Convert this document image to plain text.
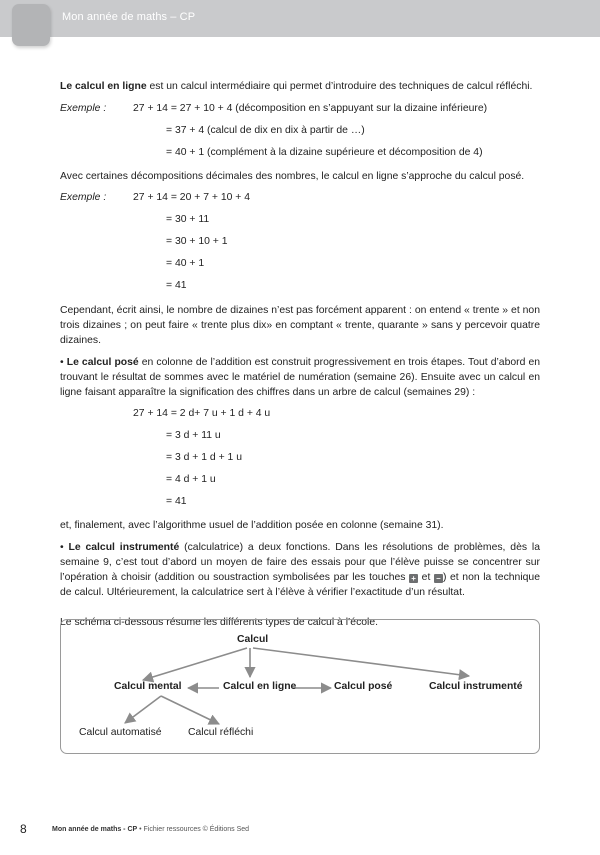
Mon année de maths – CP

Le calcul en ligne est un calcul intermédiaire qui permet d’introduire des techniques de calcul réfléchi.

Exemple :	27 + 14 = 27 + 10 + 4 (décomposition en s’appuyant sur la dizaine inférieure)
= 37 + 4 (calcul de dix en dix à partir de …)
= 40 + 1 (complément à la dizaine supérieure et décomposition de 4)

Avec certaines décompositions décimales des nombres, le calcul en ligne s’approche du calcul posé.

Exemple :	27 + 14 = 20 + 7 + 10 + 4
= 30 + 11
= 30 + 10 + 1
= 40 + 1
= 41

Cependant, écrit ainsi, le nombre de dizaines n’est pas forcément apparent : on entend « trente » et non trois dizaines ; on peut faire « trente plus dix» en comptant « trente, quarante » sans y percevoir quatre dizaines.

• Le calcul posé en colonne de l’addition est construit progressivement en trois étapes. Tout d’abord en trouvant le résultat de sommes avec le matériel de numération (semaine 26). Ensuite avec un calcul en ligne faisant apparaître la signification des chiffres dans un arbre de calcul (semaines 29) :

27 + 14 = 2 d+ 7 u + 1 d + 4 u
= 3 d + 11 u
= 3 d + 1 d + 1 u
= 4 d + 1 u
= 41

et, finalement, avec l’algorithme usuel de l’addition posée en colonne (semaine 31).

• Le calcul instrumenté (calculatrice) a deux fonctions. Dans les résolutions de problèmes, dès la semaine 9, c’est tout d’abord un moyen de faire des essais pour que l’élève puisse se concentrer sur l’opération à choisir (addition ou soustraction symbolisées par les touches + et – ) et non la technique de calcul. Ultérieurement, la calculatrice sert à l’élève à vérifier l’exactitude d’un résultat.

Le schéma ci-dessous résume les différents types de calcul à l’école.

Calcul
Calcul mental	Calcul en ligne	Calcul posé	Calcul instrumenté
Calcul automatisé	Calcul réfléchi
8	Mon année de maths - CP • Fichier ressources © Éditions Sed
